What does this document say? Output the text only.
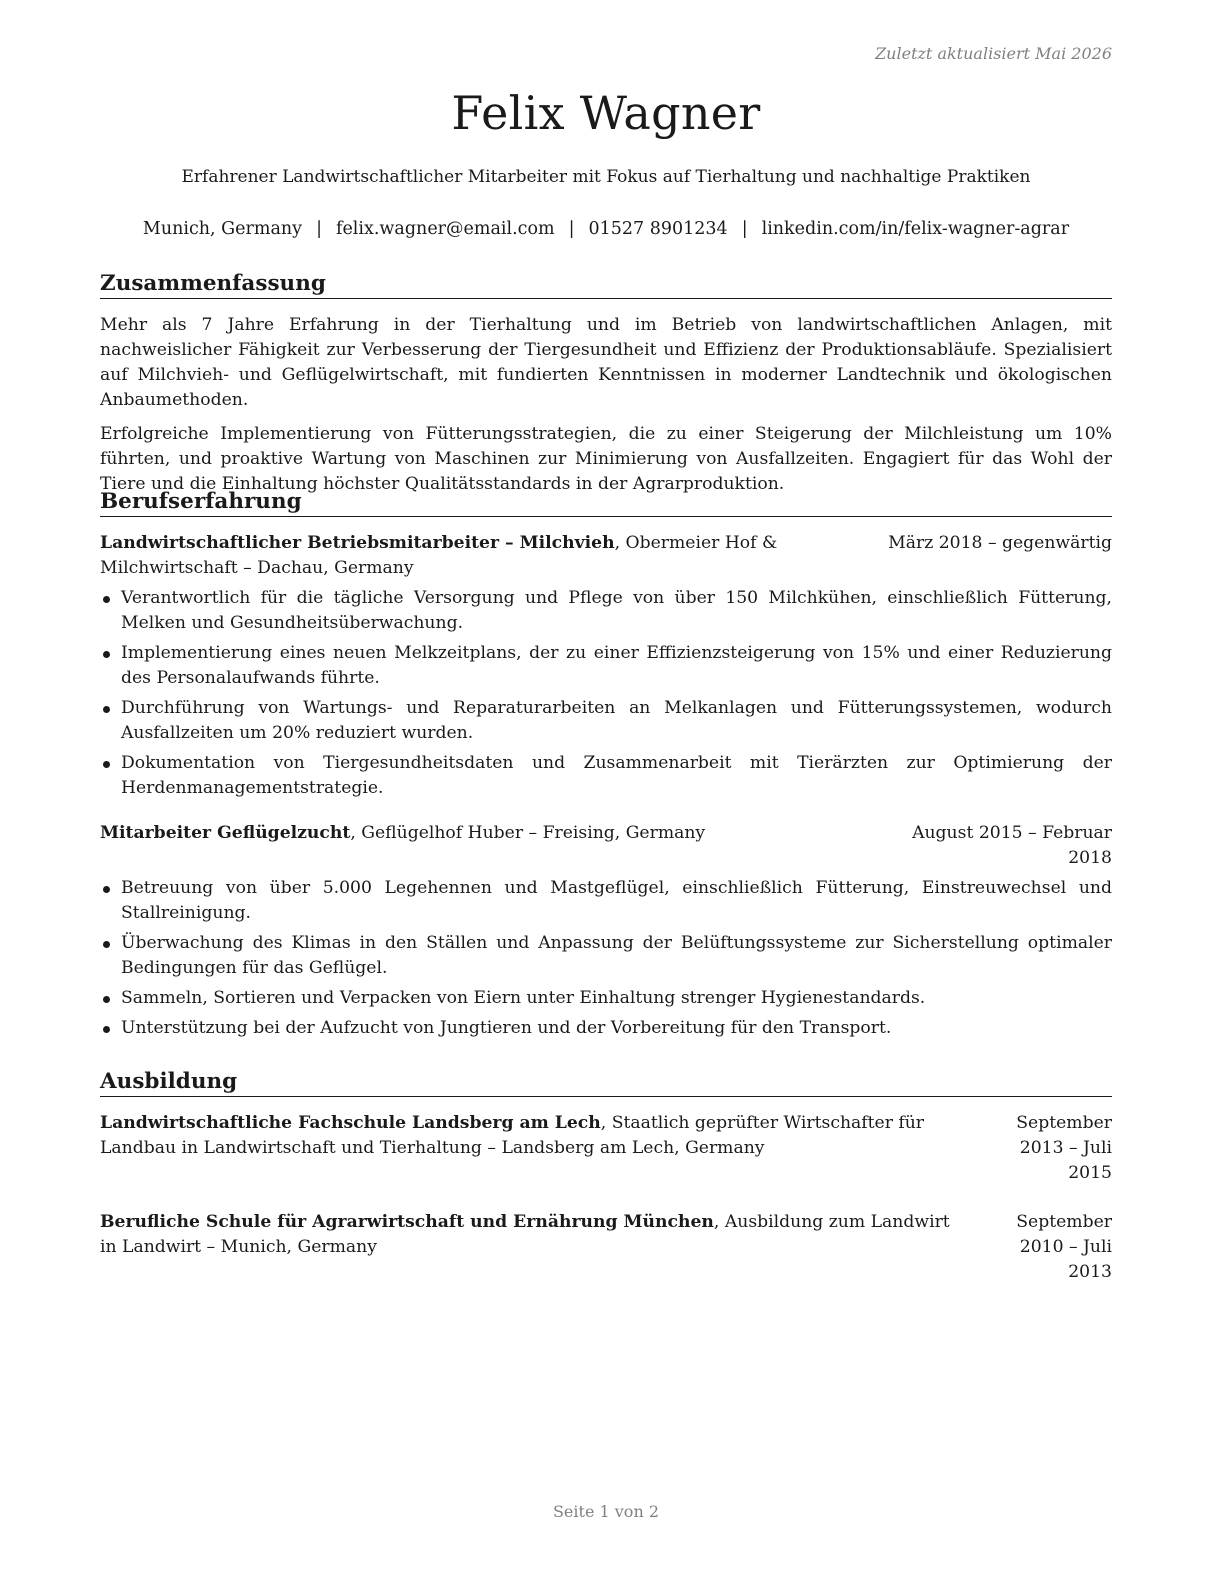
Zuletzt aktualisiert Mai 2026
Felix Wagner
Erfahrener Landwirtschaftlicher Mitarbeiter mit Fokus auf Tierhaltung und nachhaltige Praktiken
Munich, Germany | felix.wagner@email.com | 01527 8901234 | linkedin.com/in/felix-wagner-agrar
Zusammenfassung

Mehr als 7 Jahre Erfahrung in der Tierhaltung und im Betrieb von landwirtschaftlichen Anlagen, mit nachweislicher Fähigkeit zur Verbesserung der Tiergesundheit und Effizienz der Produktionsabläufe. Spezialisiert auf Milchvieh- und Geflügelwirtschaft, mit fundierten Kenntnissen in moderner Landtechnik und ökologischen Anbaumethoden.

Erfolgreiche Implementierung von Fütterungsstrategien, die zu einer Steigerung der Milchleistung um 10% führten, und proaktive Wartung von Maschinen zur Minimierung von Ausfallzeiten. Engagiert für das Wohl der Tiere und die Einhaltung höchster Qualitätsstandards in der Agrarproduktion.

Berufserfahrung
Landwirtschaftlicher Betriebsmitarbeiter – Milchvieh, Obermeier Hof & Milchwirtschaft – Dachau, Germany
März 2018 – gegenwärtig
Verantwortlich für die tägliche Versorgung und Pflege von über 150 Milchkühen, einschließlich Fütterung, Melken und Gesundheitsüberwachung.
Implementierung eines neuen Melkzeitplans, der zu einer Effizienzsteigerung von 15% und einer Reduzierung des Personalaufwands führte.
Durchführung von Wartungs- und Reparaturarbeiten an Melkanlagen und Fütterungssystemen, wodurch Ausfallzeiten um 20% reduziert wurden.
Dokumentation von Tiergesundheitsdaten und Zusammenarbeit mit Tierärzten zur Optimierung der Herdenmanagementstrategie.
Mitarbeiter Geflügelzucht, Geflügelhof Huber – Freising, Germany	August 2015 – Februar 2018
Betreuung von über 5.000 Legehennen und Mastgeflügel, einschließlich Fütterung, Einstreuwechsel und Stallreinigung.
Überwachung des Klimas in den Ställen und Anpassung der Belüftungssysteme zur Sicherstellung optimaler Bedingungen für das Geflügel.
Sammeln, Sortieren und Verpacken von Eiern unter Einhaltung strenger Hygienestandards.
Unterstützung bei der Aufzucht von Jungtieren und der Vorbereitung für den Transport.
Ausbildung
Landwirtschaftliche Fachschule Landsberg am Lech, Staatlich geprüfter Wirtschafter für Landbau in Landwirtschaft und Tierhaltung – Landsberg am Lech, Germany
September 2013 – Juli 2015
Berufliche Schule für Agrarwirtschaft und Ernährung München, Ausbildung zum Landwirt in Landwirt – Munich, Germany
September 2010 – Juli 2013
Seite 1 von 2
